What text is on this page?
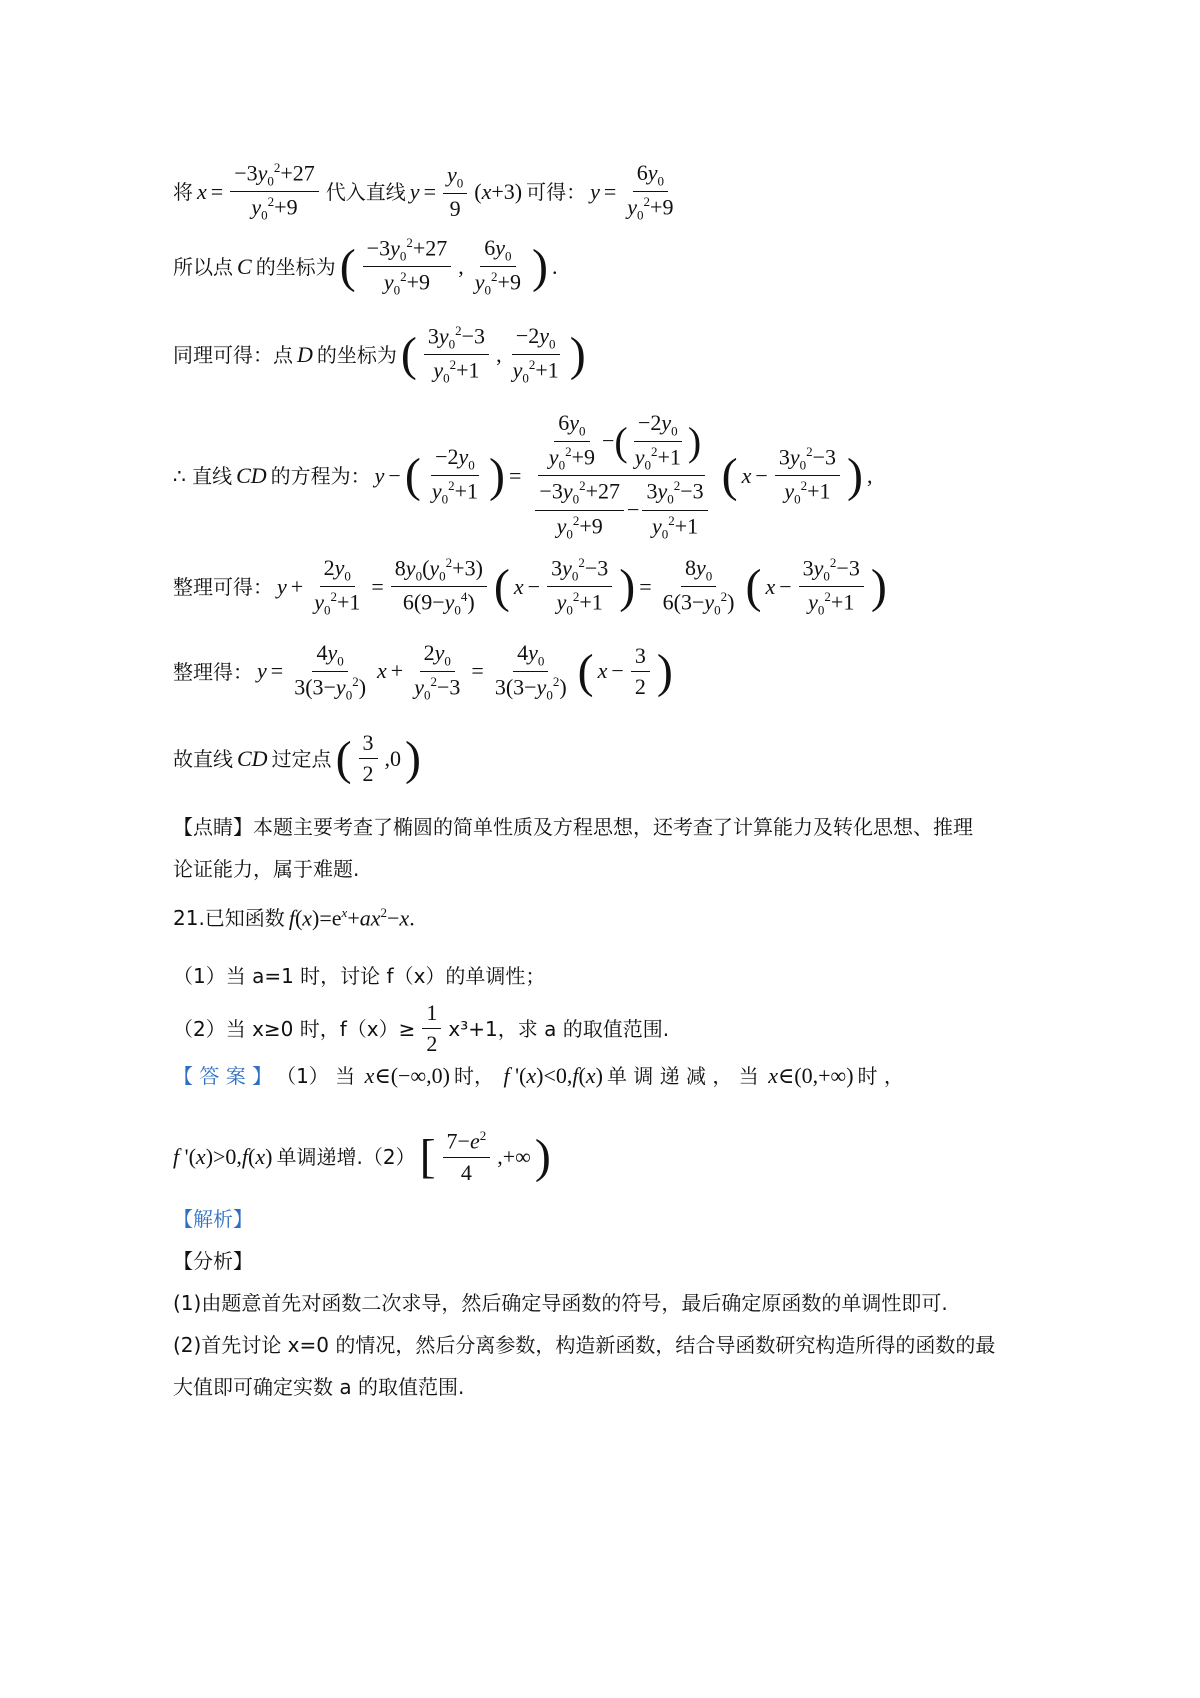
将 $x = \frac{-3y_0^2+27}{y_0^2+9}$ 代入直线 $y = \frac{y_0}{9} (x+3)$ 可得： $y = \frac{6y_0}{y_0^2+9}$
所以点 C 的坐标为 ( $\frac{-3y_0^2+27}{y_0^2+9}$ , $\frac{6y_0}{y_0^2+9}$ ) .
同理可得：点 D 的坐标为 ( $\frac{3y_0^2-3}{y_0^2+1}$ , $\frac{-2y_0}{y_0^2+1}$ )
∴ 直线 CD 的方程为： y − ( $\frac{-2y_0}{y_0^2+1}$ ) = $\frac{\frac{6y_0}{y_0^2+9} - ( \frac{-2y_0}{y_0^2+1} )}{\frac{-3y_0^2+27}{y_0^2+9} - \frac{3y_0^2-3}{y_0^2+1}}$ ( $x - \frac{3y_0^2-3}{y_0^2+1}$ ) ,
整理可得： $y + \frac{2y_0}{y_0^2+1} = \frac{8y_0(y_0^2+3)}{6(9-y_0^4)}$ ( $x - \frac{3y_0^2-3}{y_0^2+1}$ ) = $\frac{8y_0}{6(3-y_0^2)}$ ( $x - \frac{3y_0^2-3}{y_0^2+1}$ )
整理得： $y = \frac{4y_0}{3(3-y_0^2)}$ $x + \frac{2y_0}{y_0^2-3} = \frac{4y_0}{3(3-y_0^2)}$ ( $x - \frac{3}{2}$ )
故直线 CD 过定点 ( $\frac{3}{2} ,0$ )
【点睛】本题主要考查了椭圆的简单性质及方程思想，还考查了计算能力及转化思想、推理
论证能力，属于难题.
21.已知函数 $f(x)=e^x+ax^2-x$.
（1）当 a=1 时，讨论 f（x）的单调性；
（2）当 x≥0 时，$f(x)\ge \frac{1}{2} x^3+1$，求 a 的取值范围.
【 答 案 】 （1） 当 x∈(−∞,0) 时， f '(x)<0,f(x) 单 调 递 减 ， 当 x∈(0,+∞) 时 ，
f '(x)>0,f(x) 单调递增.（2） [ $\frac{7-e^2}{4}$ ,+∞ )
【解析】
【分析】
(1)由题意首先对函数二次求导，然后确定导函数的符号，最后确定原函数的单调性即可.
(2)首先讨论 x=0 的情况，然后分离参数，构造新函数，结合导函数研究构造所得的函数的最
大值即可确定实数 a 的取值范围.
